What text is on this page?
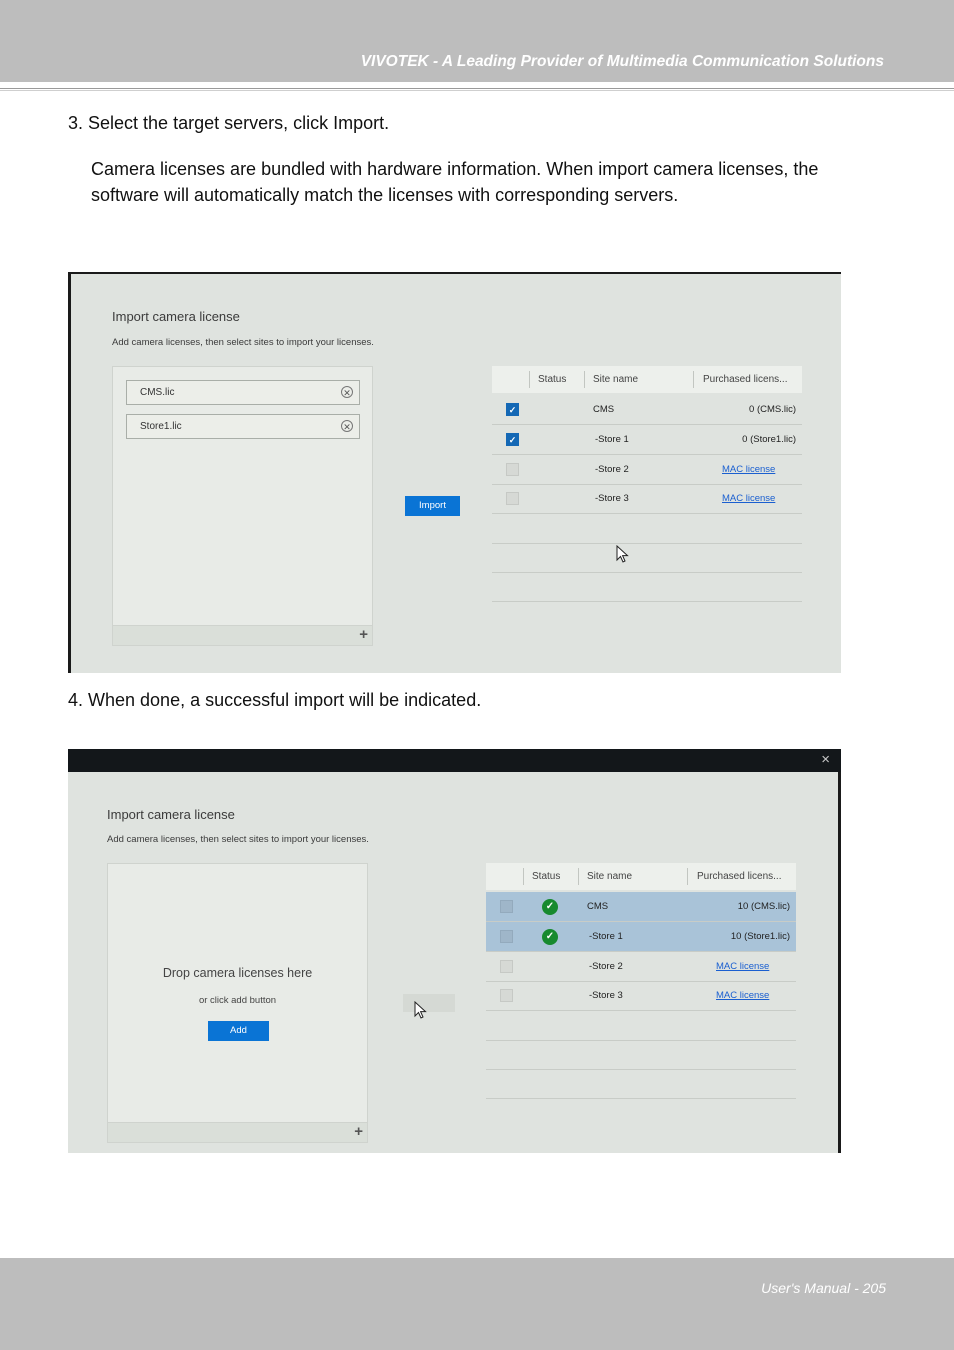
VIVOTEK - A Leading Provider of Multimedia Communication Solutions
3. Select the target servers, click Import.
Camera licenses are bundled with hardware information. When import camera licenses, the software will automatically match the licenses with corresponding servers.
Import camera license
Add camera licenses, then select sites to import your licenses.
CMS.lic	✕
Store1.lic	✕
+
Import
Status	Site name	Purchased licens...
✓	CMS	0 (CMS.lic)
✓	-Store 1	0 (Store1.lic)
-Store 2	MAC license
-Store 3	MAC license
4. When done, a successful import will be indicated.
×
Import camera license
Add camera licenses, then select sites to import your licenses.
Drop camera licenses here
or click add button
Add
+
Status	Site name	Purchased licens...
✓	CMS	10 (CMS.lic)
✓	-Store 1	10 (Store1.lic)
-Store 2	MAC license
-Store 3	MAC license
User's Manual - 205
